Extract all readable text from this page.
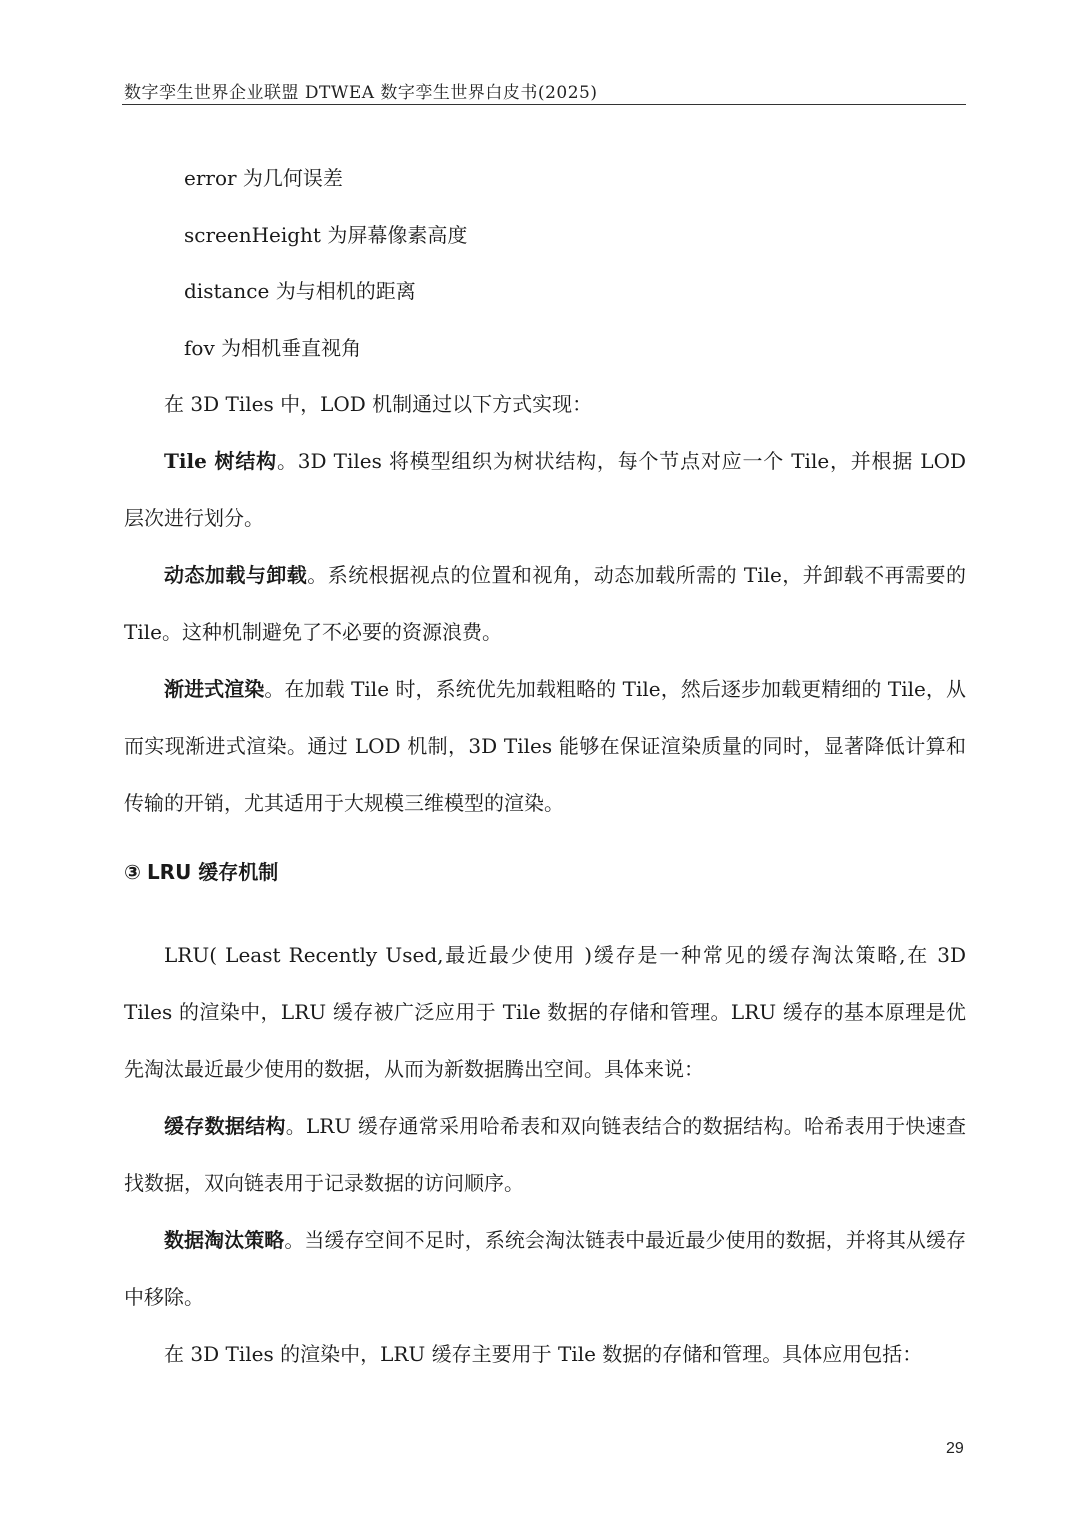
数字孪生世界企业联盟 DTWEA 数字孪生世界白皮书(2025)

error 为几何误差

screenHeight 为屏幕像素高度

distance 为与相机的距离

fov 为相机垂直视角

在 3D Tiles 中，LOD 机制通过以下方式实现：

Tile 树结构。3D Tiles 将模型组织为树状结构，每个节点对应一个 Tile，并根据 LOD 层次进行划分。

动态加载与卸载。系统根据视点的位置和视角，动态加载所需的 Tile，并卸载不再需要的 Tile。这种机制避免了不必要的资源浪费。

渐进式渲染。在加载 Tile 时，系统优先加载粗略的 Tile，然后逐步加载更精细的 Tile，从而实现渐进式渲染。通过 LOD 机制，3D Tiles 能够在保证渲染质量的同时，显著降低计算和传输的开销，尤其适用于大规模三维模型的渲染。

③ LRU 缓存机制

LRU( Least Recently Used,最近最少使用 )缓存是一种常见的缓存淘汰策略,在 3D Tiles 的渲染中，LRU 缓存被广泛应用于 Tile 数据的存储和管理。LRU 缓存的基本原理是优先淘汰最近最少使用的数据，从而为新数据腾出空间。具体来说：

缓存数据结构。LRU 缓存通常采用哈希表和双向链表结合的数据结构。哈希表用于快速查找数据，双向链表用于记录数据的访问顺序。

数据淘汰策略。当缓存空间不足时，系统会淘汰链表中最近最少使用的数据，并将其从缓存中移除。

在 3D Tiles 的渲染中，LRU 缓存主要用于 Tile 数据的存储和管理。具体应用包括：

29
